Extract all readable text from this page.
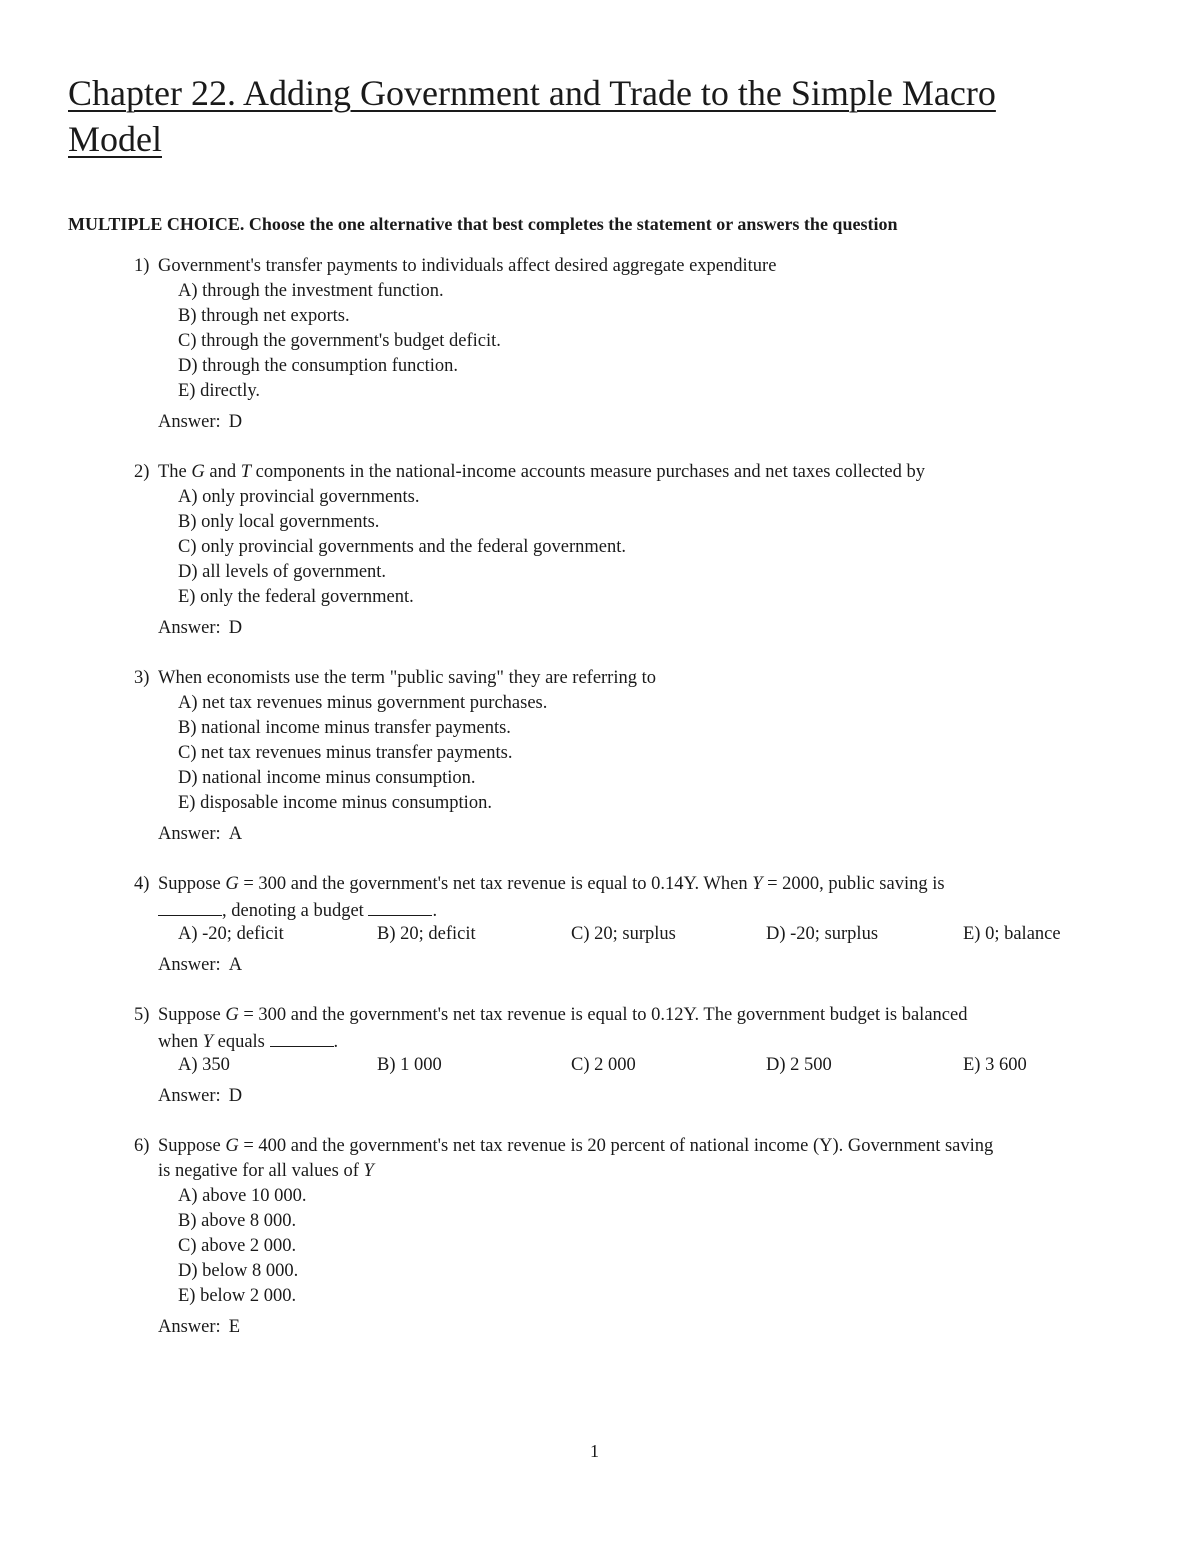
Chapter 22. Adding Government and Trade to the Simple Macro Model

MULTIPLE CHOICE. Choose the one alternative that best completes the statement or answers the question

1) Government's transfer payments to individuals affect desired aggregate expenditure
A) through the investment function.
B) through net exports.
C) through the government's budget deficit.
D) through the consumption function.
E) directly.
Answer: D
2) The G and T components in the national-income accounts measure purchases and net taxes collected by
A) only provincial governments.
B) only local governments.
C) only provincial governments and the federal government.
D) all levels of government.
E) only the federal government.
Answer: D
3) When economists use the term "public saving" they are referring to
A) net tax revenues minus government purchases.
B) national income minus transfer payments.
C) net tax revenues minus transfer payments.
D) national income minus consumption.
E) disposable income minus consumption.
Answer: A
4) Suppose G = 300 and the government's net tax revenue is equal to 0.14Y. When Y = 2000, public saving is
, denoting a budget	.
A) -20; deficit	B) 20; deficit	C) 20; surplus	D) -20; surplus	E) 0; balance
Answer: A
5) Suppose G = 300 and the government's net tax revenue is equal to 0.12Y. The government budget is balanced
when Y equals	.
A) 350	B) 1 000	C) 2 000	D) 2 500	E) 3 600
Answer: D
6) Suppose G = 400 and the government's net tax revenue is 20 percent of national income (Y). Government saving
is negative for all values of Y
A) above 10 000.
B) above 8 000.
C) above 2 000.
D) below 8 000.
E) below 2 000.
Answer: E
1
